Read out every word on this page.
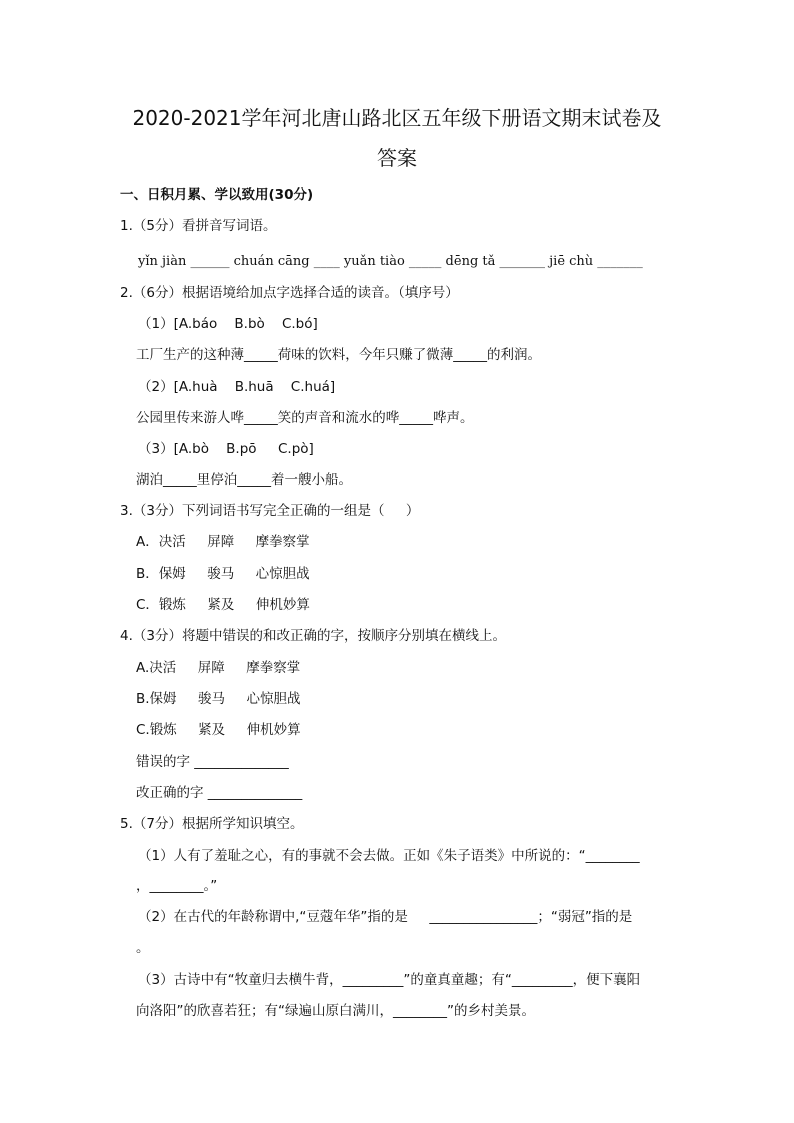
2020-2021学年河北唐山路北区五年级下册语文期末试卷及
答案
一、日积月累、学以致用(30分)
1.（5分）看拼音写词语。
yǐn jiàn ______ chuán cāng ____ yuǎn tiào _____ dēng tǎ _______ jiē chù _______
2.（6分）根据语境给加点字选择合适的读音。（填序号）
（1）[A.báo    B.bò    C.bó]
工厂生产的这种薄_____荷味的饮料，今年只赚了微薄_____的利润。
（2）[A.huà    B.huā    C.huá]
公园里传来游人哗_____笑的声音和流水的哗_____哗声。
（3）[A.bò    B.pō     C.pò]
湖泊_____里停泊_____着一艘小船。
3.（3分）下列词语书写完全正确的一组是（     ）
A．决活     屏障     摩拳察掌
B．保姆     骏马     心惊胆战
C．锻炼     紧及     伸机妙算
4.（3分）将题中错误的和改正确的字，按顺序分别填在横线上。
A.决活     屏障     摩拳察掌
B.保姆     骏马     心惊胆战
C.锻炼     紧及     伸机妙算
错误的字 ______________
改正确的字 ______________
5.（7分）根据所学知识填空。
（1）人有了羞耻之心，有的事就不会去做。正如《朱子语类》中所说的：“________
，________。”
（2）在古代的年龄称谓中,“豆蔻年华”指的是     ________________；“弱冠”指的是
。
（3）古诗中有“牧童归去横牛背，_________”的童真童趣；有“_________，便下襄阳
向洛阳”的欣喜若狂；有“绿遍山原白满川，________”的乡村美景。
